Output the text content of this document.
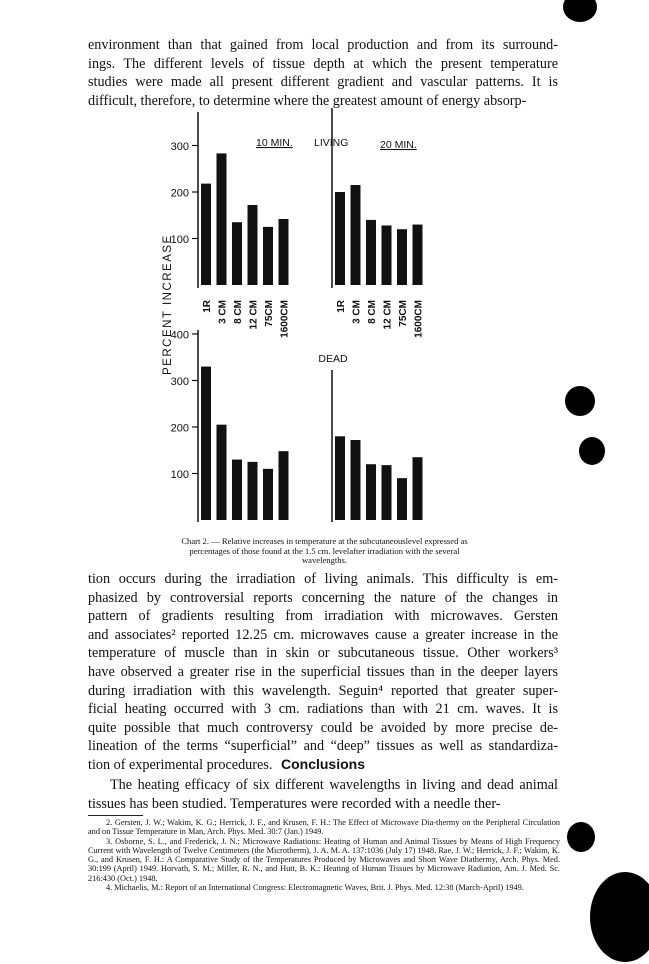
environment than that gained from local production and from its surround-
ings. The different levels of tissue depth at which the present temperature
studies were made all present different gradient and vascular patterns. It is
difficult, therefore, to determine where the greatest amount of energy absorp-

100
200
300
100
200
300
400
10 MIN. LIVING	20 MIN.
DEAD
1R 3 CM 8 CM 12 CM 75CM 1600CM	1R 3 CM 8 CM 12 CM 75CM 1600CM
PERCENT INCREASE

Chart 2. — Relative increases in temperature at the subcutaneouslevel expressed as percentages of those found at the 1.5 cm. levelafter irradiation with the several wavelengths.

tion occurs during the irradiation of living animals. This difficulty is em-
phasized by controversial reports concerning the nature of the changes in
pattern of gradients resulting from irradiation with microwaves. Gersten
and associates² reported 12.25 cm. microwaves cause a greater increase in the
temperature of muscle than in skin or subcutaneous tissue. Other workers³
have observed a greater rise in the superficial tissues than in the deeper layers
during irradiation with this wavelength. Seguin⁴ reported that greater super-
ficial heating occurred with 3 cm. radiations than with 21 cm. waves. It is
quite possible that much controversy could be avoided by more precise de-
lineation of the terms “superficial” and “deep” tissues as well as standardiza-
tion of experimental procedures. Conclusions

The heating efficacy of six different wavelengths in living and dead animal
tissues has been studied. Temperatures were recorded with a needle ther-

2. Gersten, J. W.; Wakim, K. G.; Herrick, J. F., and Krusen, F. H.: The Effect of Microwave Dia-thermy on the Peripheral Circulation and on Tissue Temperature in Man, Arch. Phys. Med. 30:7 (Jan.) 1949.
3. Osborne, S. L., and Frederick, J. N.: Microwave Radiations: Heating of Human and Animal Tissues by Means of High Frequency Current with Wavelength of Twelve Centimeters (the Microtherm), J. A. M. A. 137:1036 (July 17) 1948. Rae, J. W.; Herrick, J. F.; Wakim, K. G., and Krusen, F. H.: A Comparative Study of the Temperatures Produced by Microwaves and Short Wave Diathermy, Arch. Phys. Med. 30:199 (April) 1949. Horvath, S. M.; Miller, R. N., and Hutt, B. K.: Heating of Human Tissues by Microwave Radiation, Am. J. Med. Sc. 216:430 (Oct.) 1948.
4. Michaelis, M.: Report of an International Congress: Electromagnetic Waves, Brit. J. Phys. Med. 12:38 (March-April) 1949.
